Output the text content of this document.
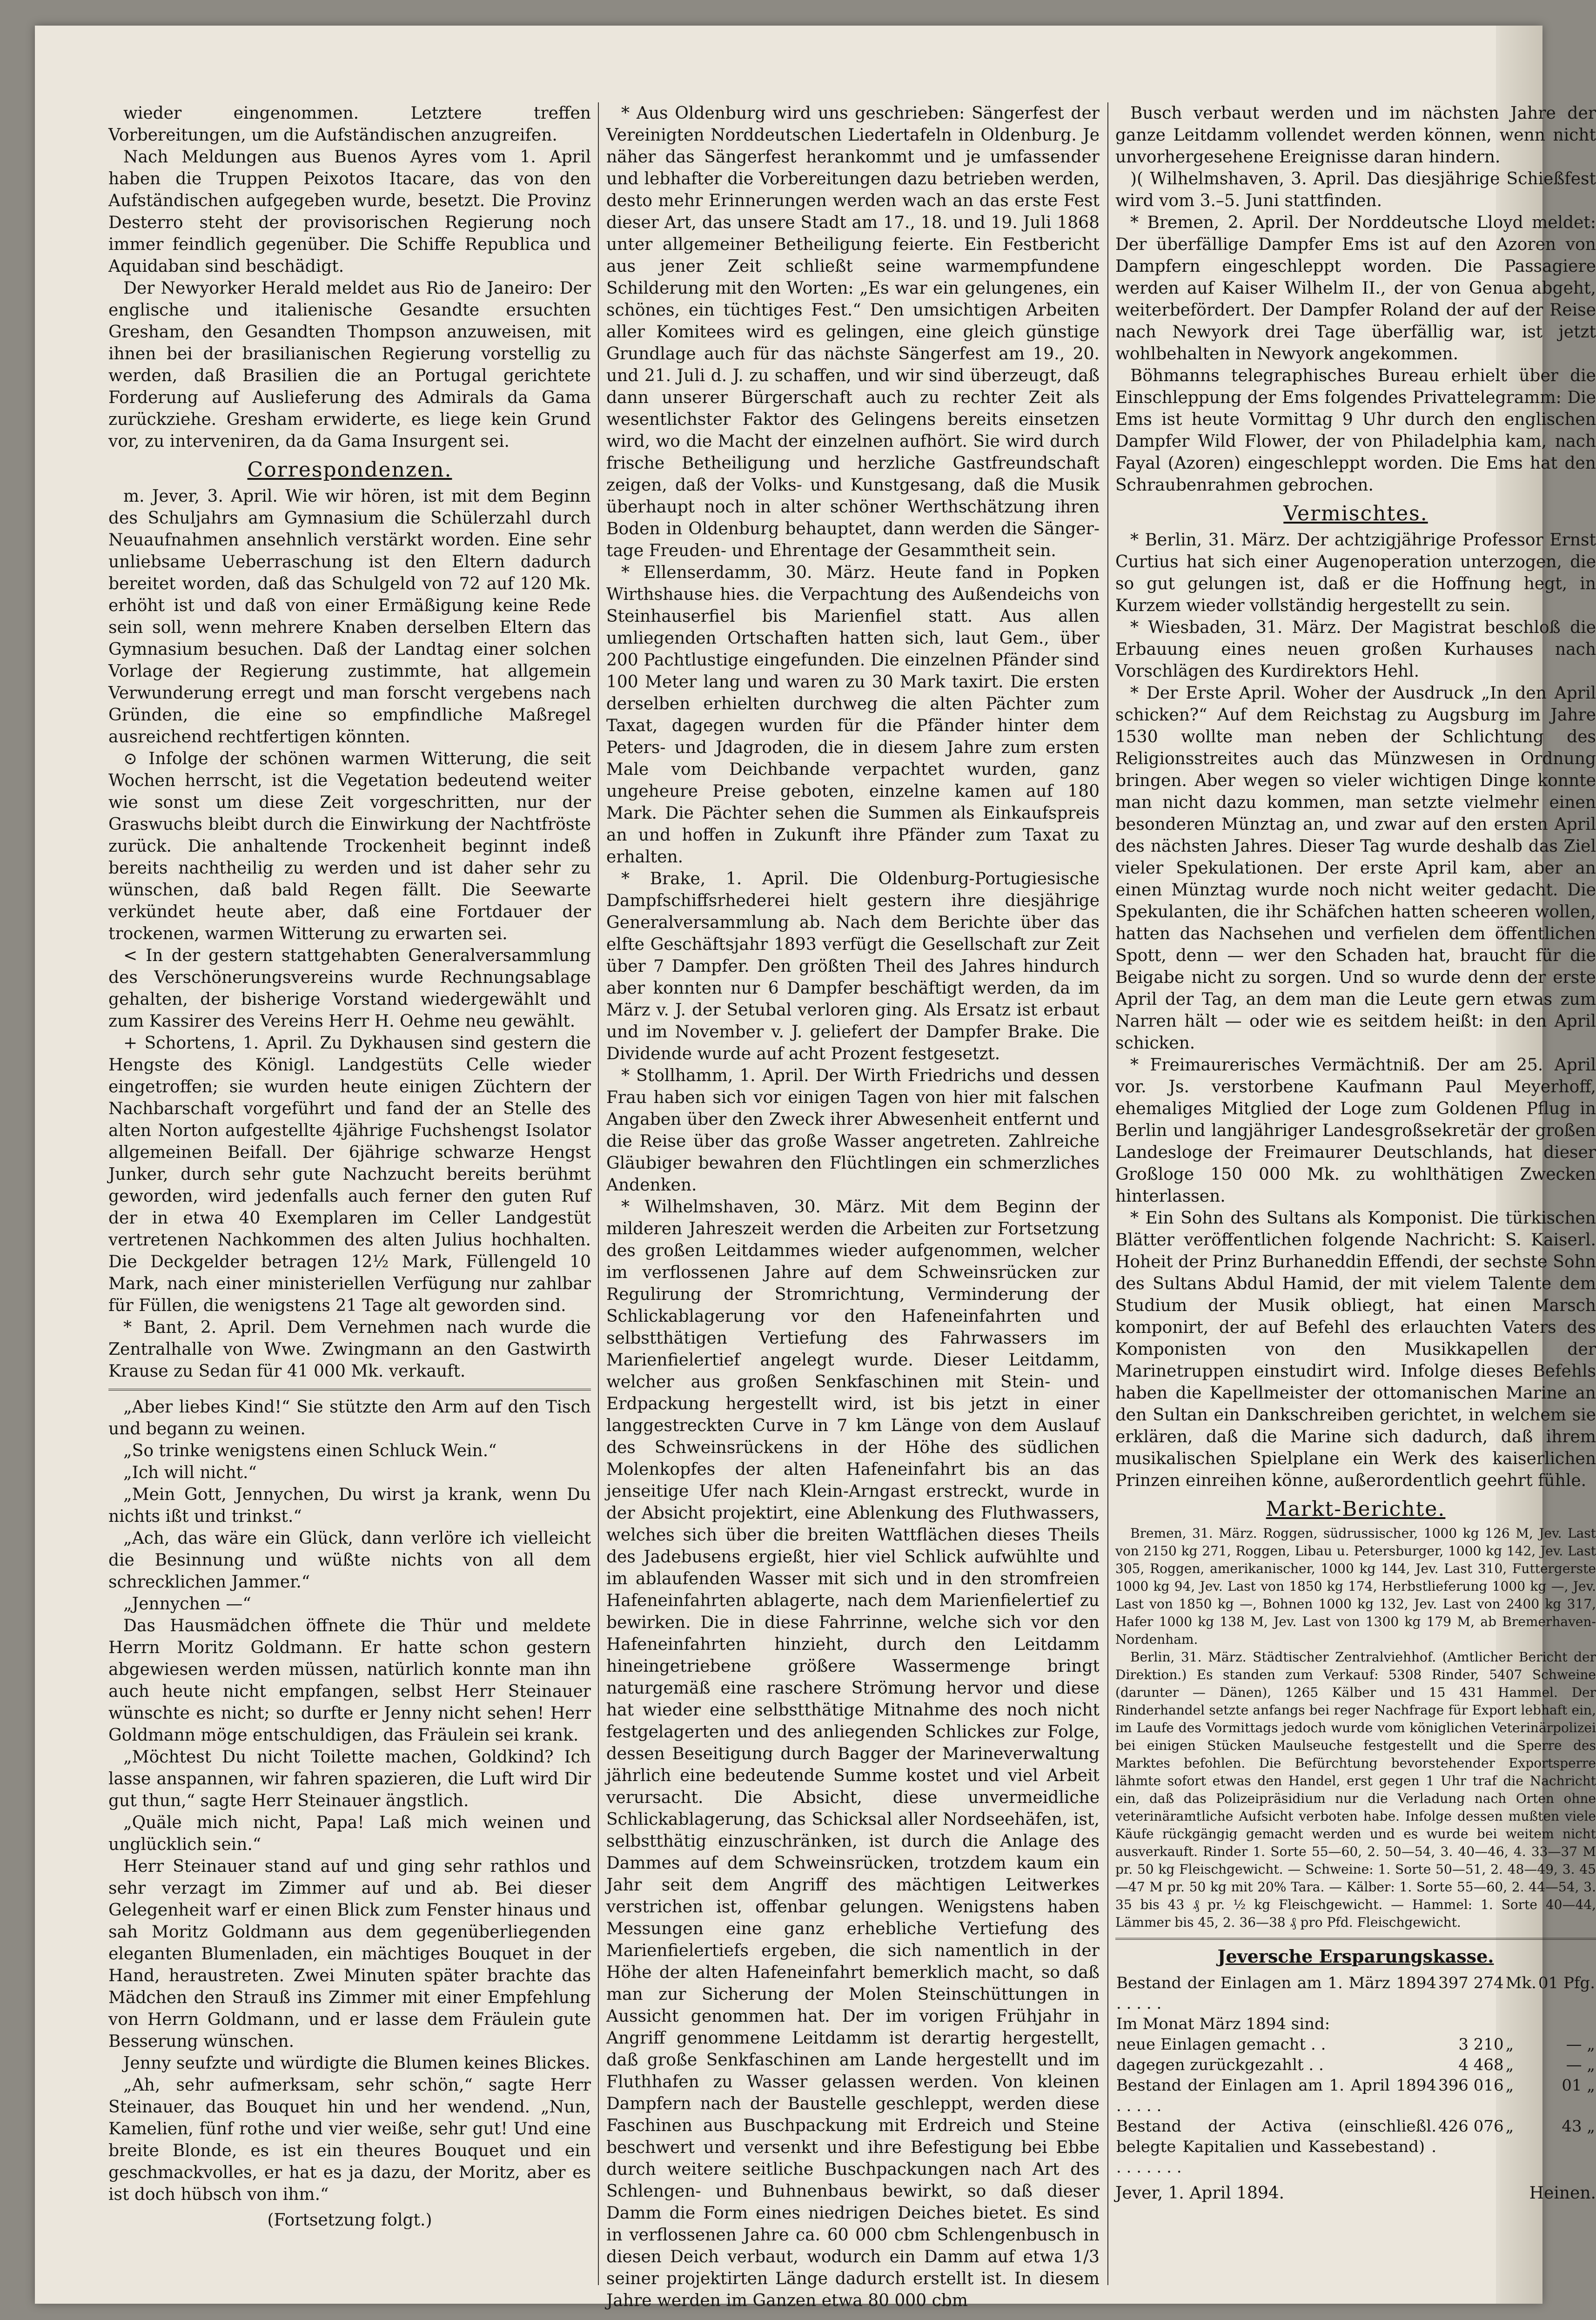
wieder eingenommen. Letztere treffen Vorbereitungen, um die Aufständischen anzugreifen.

Nach Meldungen aus Buenos Ayres vom 1. April haben die Truppen Peixotos Itacare, das von den Aufständischen aufgegeben wurde, besetzt. Die Provinz Desterro steht der provisorischen Regierung noch immer feindlich gegenüber. Die Schiffe Republica und Aquidaban sind beschädigt.

Der Newyorker Herald meldet aus Rio de Janeiro: Der englische und italienische Gesandte ersuchten Gresham, den Gesandten Thompson anzuweisen, mit ihnen bei der brasilianischen Regierung vorstellig zu werden, daß Brasilien die an Portugal gerichtete Forderung auf Auslieferung des Admirals da Gama zurückziehe. Gresham erwiderte, es liege kein Grund vor, zu interveniren, da da Gama Insurgent sei.

Correspondenzen.

m. Jever, 3. April. Wie wir hören, ist mit dem Beginn des Schuljahrs am Gymnasium die Schülerzahl durch Neuaufnahmen ansehnlich verstärkt worden. Eine sehr unliebsame Ueberraschung ist den Eltern dadurch bereitet worden, daß das Schulgeld von 72 auf 120 Mk. erhöht ist und daß von einer Ermäßigung keine Rede sein soll, wenn mehrere Knaben derselben Eltern das Gymnasium besuchen. Daß der Landtag einer solchen Vorlage der Regierung zustimmte, hat allgemein Verwunderung erregt und man forscht vergebens nach Gründen, die eine so empfindliche Maßregel ausreichend rechtfertigen könnten.

⊙ Infolge der schönen warmen Witterung, die seit Wochen herrscht, ist die Vegetation bedeutend weiter wie sonst um diese Zeit vorgeschritten, nur der Graswuchs bleibt durch die Einwirkung der Nachtfröste zurück. Die anhaltende Trockenheit beginnt indeß bereits nachtheilig zu werden und ist daher sehr zu wünschen, daß bald Regen fällt. Die Seewarte verkündet heute aber, daß eine Fortdauer der trockenen, warmen Witterung zu erwarten sei.

< In der gestern stattgehabten Generalversammlung des Verschönerungsvereins wurde Rechnungsablage gehalten, der bisherige Vorstand wiedergewählt und zum Kassirer des Vereins Herr H. Oehme neu gewählt.

+ Schortens, 1. April. Zu Dykhausen sind gestern die Hengste des Königl. Landgestüts Celle wieder eingetroffen; sie wurden heute einigen Züchtern der Nachbarschaft vorgeführt und fand der an Stelle des alten Norton aufgestellte 4jährige Fuchshengst Isolator allgemeinen Beifall. Der 6jährige schwarze Hengst Junker, durch sehr gute Nachzucht bereits berühmt geworden, wird jedenfalls auch ferner den guten Ruf der in etwa 40 Exemplaren im Celler Landgestüt vertretenen Nachkommen des alten Julius hochhalten. Die Deckgelder betragen 12½ Mark, Füllengeld 10 Mark, nach einer ministeriellen Verfügung nur zahlbar für Füllen, die wenigstens 21 Tage alt geworden sind.

* Bant, 2. April. Dem Vernehmen nach wurde die Zentralhalle von Wwe. Zwingmann an den Gastwirth Krause zu Sedan für 41 000 Mk. verkauft.

„Aber liebes Kind!“ Sie stützte den Arm auf den Tisch und begann zu weinen.

„So trinke wenigstens einen Schluck Wein.“

„Ich will nicht.“

„Mein Gott, Jennychen, Du wirst ja krank, wenn Du nichts ißt und trinkst.“

„Ach, das wäre ein Glück, dann verlöre ich vielleicht die Besinnung und wüßte nichts von all dem schrecklichen Jammer.“

„Jennychen —“

Das Hausmädchen öffnete die Thür und meldete Herrn Moritz Goldmann. Er hatte schon gestern abgewiesen werden müssen, natürlich konnte man ihn auch heute nicht empfangen, selbst Herr Steinauer wünschte es nicht; so durfte er Jenny nicht sehen! Herr Goldmann möge entschuldigen, das Fräulein sei krank.

„Möchtest Du nicht Toilette machen, Goldkind? Ich lasse anspannen, wir fahren spazieren, die Luft wird Dir gut thun,“ sagte Herr Steinauer ängstlich.

„Quäle mich nicht, Papa! Laß mich weinen und unglücklich sein.“

Herr Steinauer stand auf und ging sehr rathlos und sehr verzagt im Zimmer auf und ab. Bei dieser Gelegenheit warf er einen Blick zum Fenster hinaus und sah Moritz Goldmann aus dem gegenüberliegenden eleganten Blumenladen, ein mächtiges Bouquet in der Hand, heraustreten. Zwei Minuten später brachte das Mädchen den Strauß ins Zimmer mit einer Empfehlung von Herrn Goldmann, und er lasse dem Fräulein gute Besserung wünschen.

Jenny seufzte und würdigte die Blumen keines Blickes.

„Ah, sehr aufmerksam, sehr schön,“ sagte Herr Steinauer, das Bouquet hin und her wendend. „Nun, Kamelien, fünf rothe und vier weiße, sehr gut! Und eine breite Blonde, es ist ein theures Bouquet und ein geschmackvolles, er hat es ja dazu, der Moritz, aber es ist doch hübsch von ihm.“

(Fortsetzung folgt.)

* Aus Oldenburg wird uns geschrieben: Sängerfest der Vereinigten Norddeutschen Liedertafeln in Oldenburg. Je näher das Sängerfest herankommt und je umfassender und lebhafter die Vorbereitungen dazu betrieben werden, desto mehr Erinnerungen werden wach an das erste Fest dieser Art, das unsere Stadt am 17., 18. und 19. Juli 1868 unter allgemeiner Betheiligung feierte. Ein Festbericht aus jener Zeit schließt seine warmempfundene Schilderung mit den Worten: „Es war ein gelungenes, ein schönes, ein tüchtiges Fest.“ Den umsichtigen Arbeiten aller Komitees wird es gelingen, eine gleich günstige Grundlage auch für das nächste Sängerfest am 19., 20. und 21. Juli d. J. zu schaffen, und wir sind überzeugt, daß dann unserer Bürgerschaft auch zu rechter Zeit als wesentlichster Faktor des Gelingens bereits einsetzen wird, wo die Macht der einzelnen aufhört. Sie wird durch frische Betheiligung und herzliche Gastfreundschaft zeigen, daß der Volks- und Kunstgesang, daß die Musik überhaupt noch in alter schöner Werthschätzung ihren Boden in Oldenburg behauptet, dann werden die Sänger-tage Freuden- und Ehrentage der Gesammtheit sein.

* Ellenserdamm, 30. März. Heute fand in Popken Wirthshause hies. die Verpachtung des Außendeichs von Steinhauserfiel bis Marienfiel statt. Aus allen umliegenden Ortschaften hatten sich, laut Gem., über 200 Pachtlustige eingefunden. Die einzelnen Pfänder sind 100 Meter lang und waren zu 30 Mark taxirt. Die ersten derselben erhielten durchweg die alten Pächter zum Taxat, dagegen wurden für die Pfänder hinter dem Peters- und Jdagroden, die in diesem Jahre zum ersten Male vom Deichbande verpachtet wurden, ganz ungeheure Preise geboten, einzelne kamen auf 180 Mark. Die Pächter sehen die Summen als Einkaufspreis an und hoffen in Zukunft ihre Pfänder zum Taxat zu erhalten.

* Brake, 1. April. Die Oldenburg-Portugiesische Dampfschiffsrhederei hielt gestern ihre diesjährige Generalversammlung ab. Nach dem Berichte über das elfte Geschäftsjahr 1893 verfügt die Gesellschaft zur Zeit über 7 Dampfer. Den größten Theil des Jahres hindurch aber konnten nur 6 Dampfer beschäftigt werden, da im März v. J. der Setubal verloren ging. Als Ersatz ist erbaut und im November v. J. geliefert der Dampfer Brake. Die Dividende wurde auf acht Prozent festgesetzt.

* Stollhamm, 1. April. Der Wirth Friedrichs und dessen Frau haben sich vor einigen Tagen von hier mit falschen Angaben über den Zweck ihrer Abwesenheit entfernt und die Reise über das große Wasser angetreten. Zahlreiche Gläubiger bewahren den Flüchtlingen ein schmerzliches Andenken.

* Wilhelmshaven, 30. März. Mit dem Beginn der milderen Jahreszeit werden die Arbeiten zur Fortsetzung des großen Leitdammes wieder aufgenommen, welcher im verflossenen Jahre auf dem Schweinsrücken zur Regulirung der Stromrichtung, Verminderung der Schlickablagerung vor den Hafeneinfahrten und selbstthätigen Vertiefung des Fahrwassers im Marienfielertief angelegt wurde. Dieser Leitdamm, welcher aus großen Senkfaschinen mit Stein- und Erdpackung hergestellt wird, ist bis jetzt in einer langgestreckten Curve in 7 km Länge von dem Auslauf des Schweinsrückens in der Höhe des südlichen Molenkopfes der alten Hafeneinfahrt bis an das jenseitige Ufer nach Klein-Arngast erstreckt, wurde in der Absicht projektirt, eine Ablenkung des Fluthwassers, welches sich über die breiten Wattflächen dieses Theils des Jadebusens ergießt, hier viel Schlick aufwühlte und im ablaufenden Wasser mit sich und in den stromfreien Hafeneinfahrten ablagerte, nach dem Marienfielertief zu bewirken. Die in diese Fahrrinne, welche sich vor den Hafeneinfahrten hinzieht, durch den Leitdamm hineingetriebene größere Wassermenge bringt naturgemäß eine raschere Strömung hervor und diese hat wieder eine selbstthätige Mitnahme des noch nicht festgelagerten und des anliegenden Schlickes zur Folge, dessen Beseitigung durch Bagger der Marineverwaltung jährlich eine bedeutende Summe kostet und viel Arbeit verursacht. Die Absicht, diese unvermeidliche Schlickablagerung, das Schicksal aller Nordseehäfen, ist, selbstthätig einzuschränken, ist durch die Anlage des Dammes auf dem Schweinsrücken, trotzdem kaum ein Jahr seit dem Angriff des mächtigen Leitwerkes verstrichen ist, offenbar gelungen. Wenigstens haben Messungen eine ganz erhebliche Vertiefung des Marienfielertiefs ergeben, die sich namentlich in der Höhe der alten Hafeneinfahrt bemerklich macht, so daß man zur Sicherung der Molen Steinschüttungen in Aussicht genommen hat. Der im vorigen Frühjahr in Angriff genommene Leitdamm ist derartig hergestellt, daß große Senkfaschinen am Lande hergestellt und im Fluthhafen zu Wasser gelassen werden. Von kleinen Dampfern nach der Baustelle geschleppt, werden diese Faschinen aus Buschpackung mit Erdreich und Steine beschwert und versenkt und ihre Befestigung bei Ebbe durch weitere seitliche Buschpackungen nach Art des Schlengen- und Buhnenbaus bewirkt, so daß dieser Damm die Form eines niedrigen Deiches bietet. Es sind in verflossenen Jahre ca. 60 000 cbm Schlengenbusch in diesen Deich verbaut, wodurch ein Damm auf etwa 1/3 seiner projektirten Länge dadurch erstellt ist. In diesem Jahre werden im Ganzen etwa 80 000 cbm

Busch verbaut werden und im nächsten Jahre der ganze Leitdamm vollendet werden können, wenn nicht unvorhergesehene Ereignisse daran hindern.

)( Wilhelmshaven, 3. April. Das diesjährige Schießfest wird vom 3.–5. Juni stattfinden.

* Bremen, 2. April. Der Norddeutsche Lloyd meldet: Der überfällige Dampfer Ems ist auf den Azoren von Dampfern eingeschleppt worden. Die Passagiere werden auf Kaiser Wilhelm II., der von Genua abgeht, weiterbefördert. Der Dampfer Roland der auf der Reise nach Newyork drei Tage überfällig war, ist jetzt wohlbehalten in Newyork angekommen.

Böhmanns telegraphisches Bureau erhielt über die Einschleppung der Ems folgendes Privattelegramm: Die Ems ist heute Vormittag 9 Uhr durch den englischen Dampfer Wild Flower, der von Philadelphia kam, nach Fayal (Azoren) eingeschleppt worden. Die Ems hat den Schraubenrahmen gebrochen.

Vermischtes.

* Berlin, 31. März. Der achtzigjährige Professor Ernst Curtius hat sich einer Augenoperation unterzogen, die so gut gelungen ist, daß er die Hoffnung hegt, in Kurzem wieder vollständig hergestellt zu sein.

* Wiesbaden, 31. März. Der Magistrat beschloß die Erbauung eines neuen großen Kurhauses nach Vorschlägen des Kurdirektors Hehl.

* Der Erste April. Woher der Ausdruck „In den April schicken?“ Auf dem Reichstag zu Augsburg im Jahre 1530 wollte man neben der Schlichtung des Religionsstreites auch das Münzwesen in Ordnung bringen. Aber wegen so vieler wichtigen Dinge konnte man nicht dazu kommen, man setzte vielmehr einen besonderen Münztag an, und zwar auf den ersten April des nächsten Jahres. Dieser Tag wurde deshalb das Ziel vieler Spekulationen. Der erste April kam, aber an einen Münztag wurde noch nicht weiter gedacht. Die Spekulanten, die ihr Schäfchen hatten scheeren wollen, hatten das Nachsehen und verfielen dem öffentlichen Spott, denn — wer den Schaden hat, braucht für die Beigabe nicht zu sorgen. Und so wurde denn der erste April der Tag, an dem man die Leute gern etwas zum Narren hält — oder wie es seitdem heißt: in den April schicken.

* Freimaurerisches Vermächtniß. Der am 25. April vor. Js. verstorbene Kaufmann Paul Meyerhoff, ehemaliges Mitglied der Loge zum Goldenen Pflug in Berlin und langjähriger Landesgroßsekretär der großen Landesloge der Freimaurer Deutschlands, hat dieser Großloge 150 000 Mk. zu wohlthätigen Zwecken hinterlassen.

* Ein Sohn des Sultans als Komponist. Die türkischen Blätter veröffentlichen folgende Nachricht: S. Kaiserl. Hoheit der Prinz Burhaneddin Effendi, der sechste Sohn des Sultans Abdul Hamid, der mit vielem Talente dem Studium der Musik obliegt, hat einen Marsch komponirt, der auf Befehl des erlauchten Vaters des Komponisten von den Musikkapellen der Marinetruppen einstudirt wird. Infolge dieses Befehls haben die Kapellmeister der ottomanischen Marine an den Sultan ein Dankschreiben gerichtet, in welchem sie erklären, daß die Marine sich dadurch, daß ihrem musikalischen Spielplane ein Werk des kaiserlichen Prinzen einreihen könne, außerordentlich geehrt fühle.

Markt-Berichte.

Bremen, 31. März. Roggen, südrussischer, 1000 kg 126 M, Jev. Last von 2150 kg 271, Roggen, Libau u. Petersburger, 1000 kg 142, Jev. Last 305, Roggen, amerikanischer, 1000 kg 144, Jev. Last 310, Futtergerste 1000 kg 94, Jev. Last von 1850 kg 174, Herbstlieferung 1000 kg —, Jev. Last von 1850 kg —, Bohnen 1000 kg 132, Jev. Last von 2400 kg 317, Hafer 1000 kg 138 M, Jev. Last von 1300 kg 179 M, ab Bremerhaven-Nordenham.

Berlin, 31. März. Städtischer Zentralviehhof. (Amtlicher Bericht der Direktion.) Es standen zum Verkauf: 5308 Rinder, 5407 Schweine (darunter — Dänen), 1265 Kälber und 15 431 Hammel. Der Rinderhandel setzte anfangs bei reger Nachfrage für Export lebhaft ein, im Laufe des Vormittags jedoch wurde vom königlichen Veterinärpolizei bei einigen Stücken Maulseuche festgestellt und die Sperre des Marktes befohlen. Die Befürchtung bevorstehender Exportsperre lähmte sofort etwas den Handel, erst gegen 1 Uhr traf die Nachricht ein, daß das Polizeipräsidium nur die Verladung nach Orten ohne veterinäramtliche Aufsicht verboten habe. Infolge dessen mußten viele Käufe rückgängig gemacht werden und es wurde bei weitem nicht ausverkauft. Rinder 1. Sorte 55—60, 2. 50—54, 3. 40—46, 4. 33—37 M pr. 50 kg Fleischgewicht. — Schweine: 1. Sorte 50—51, 2. 48—49, 3. 45—47 M pr. 50 kg mit 20% Tara. — Kälber: 1. Sorte 55—60, 2. 44—54, 3. 35 bis 43 ₰ pr. ½ kg Fleischgewicht. — Hammel: 1. Sorte 40—44, Lämmer bis 45, 2. 36—38 ₰ pro Pfd. Fleischgewicht.

Jeversche Ersparungskasse.
Bestand der Einlagen am 1. März 1894 . . . . .	397 274	Mk.	01 Pfg.
Im Monat März 1894 sind:			
neue Einlagen gemacht . .	3 210	„	— „
dagegen zurückgezahlt . .	4 468	„	— „
Bestand der Einlagen am 1. April 1894 . . . . .	396 016	„	01 „
Bestand der Activa (einschließl. belegte Kapitalien und Kassebestand) . . . . . . . .	426 076	„	43 „
Jever, 1. April 1894.	Heinen.
